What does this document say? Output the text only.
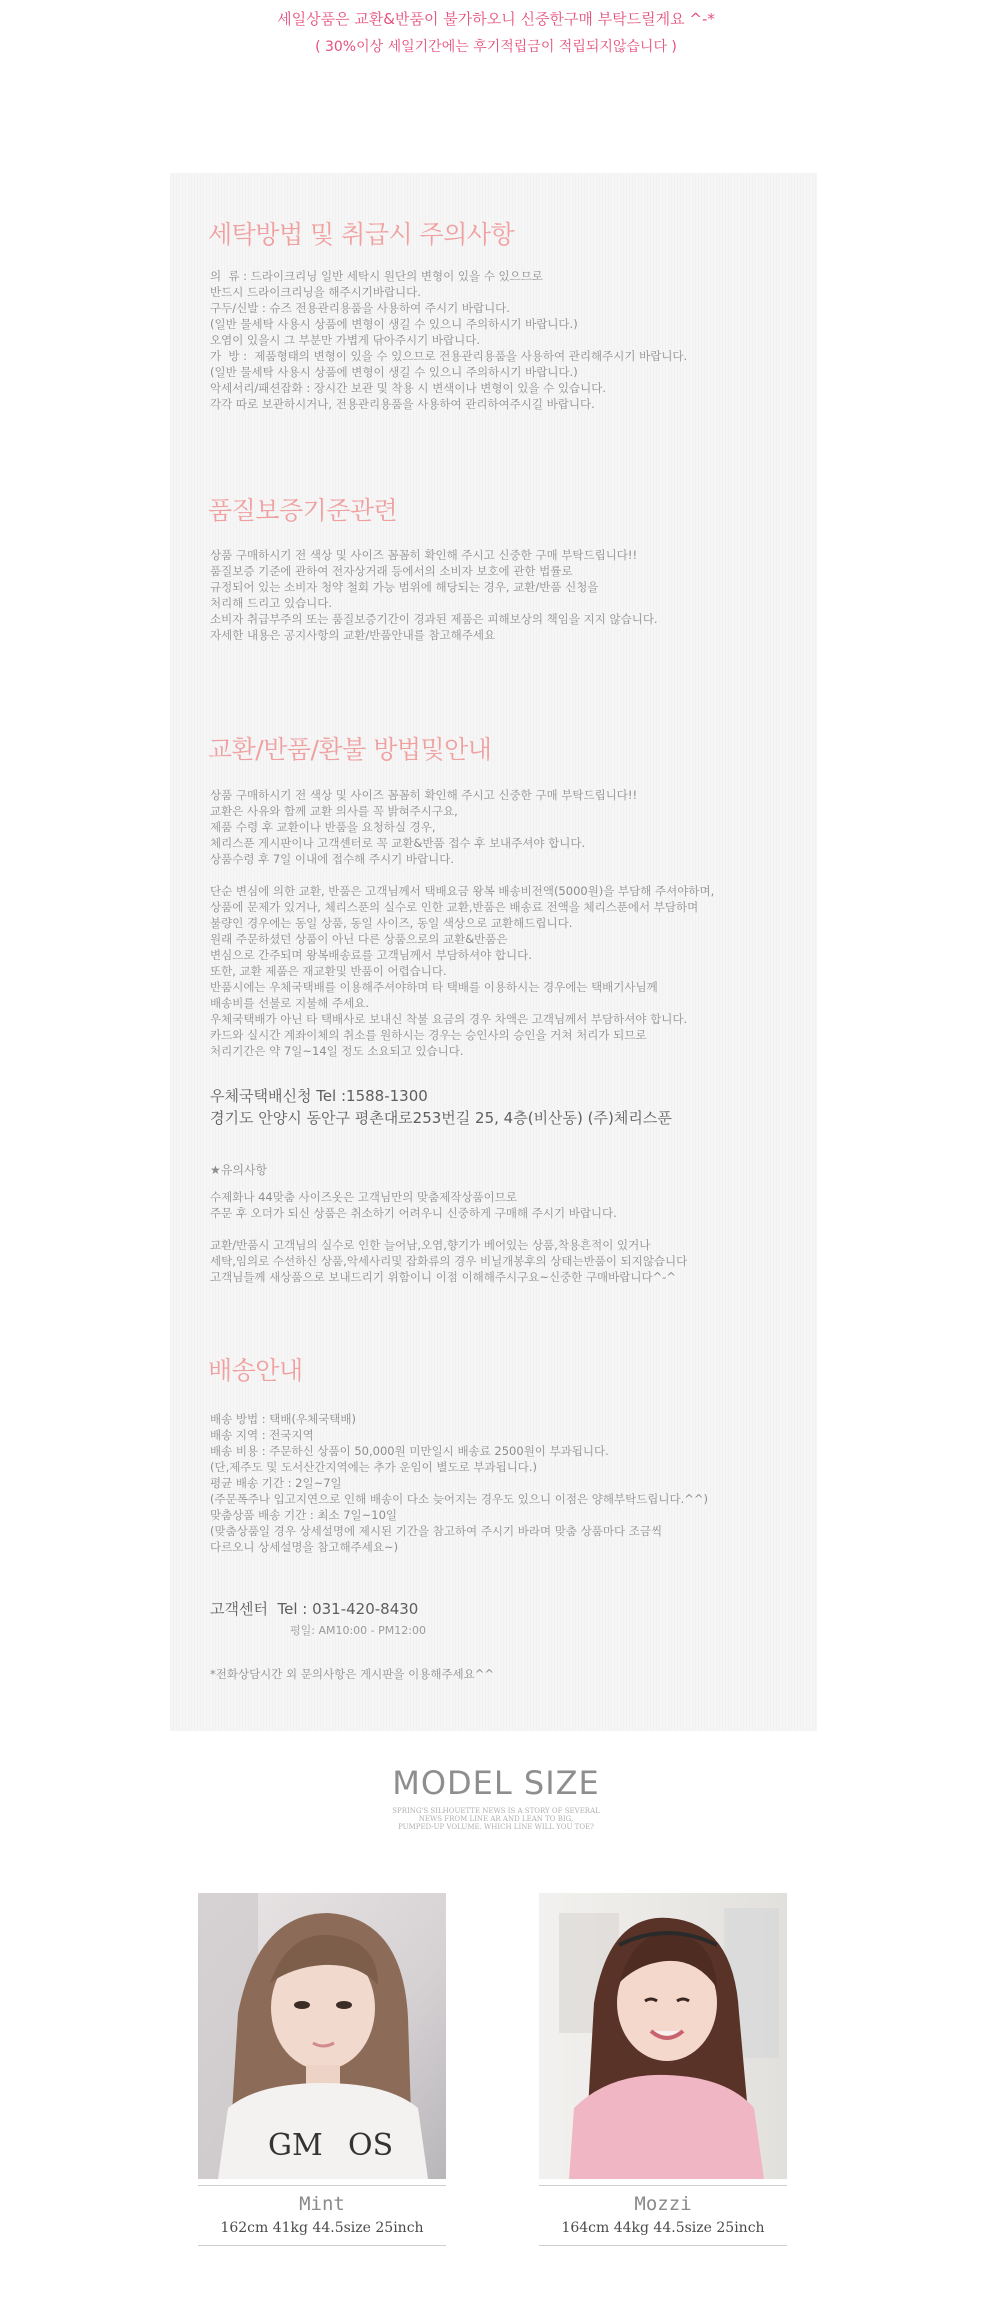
세일상품은 교환&반품이 불가하오니 신중한구매 부탁드릴게요 ^-*
( 30%이상 세일기간에는 후기적립금이 적립되지않습니다 )
세탁방법 및 취급시 주의사항
의  류 : 드라이크리닝 일반 세탁시 원단의 변형이 있을 수 있으므로
반드시 드라이크리닝을 해주시기바랍니다.
구두/신발 : 슈즈 전용관리용품을 사용하여 주시기 바랍니다.
(일반 물세탁 사용시 상품에 변형이 생길 수 있으니 주의하시기 바랍니다.)
오염이 있을시 그 부분만 가볍게 닦아주시기 바랍니다.
가  방 :  제품형태의 변형이 있을 수 있으므로 전용관리용품을 사용하여 관리해주시기 바랍니다.
(일반 물세탁 사용시 상품에 변형이 생길 수 있으니 주의하시기 바랍니다.)
악세서리/패션잡화 : 장시간 보관 및 착용 시 변색이나 변형이 있을 수 있습니다.
각각 따로 보관하시거나, 전용관리용품을 사용하여 관리하여주시길 바랍니다.
품질보증기준관련
상품 구매하시기 전 색상 및 사이즈 꼼꼼히 확인해 주시고 신중한 구매 부탁드립니다!!
품질보증 기준에 관하여 전자상거래 등에서의 소비자 보호에 관한 법률로
규정되어 있는 소비자 청약 철회 가능 범위에 해당되는 경우, 교환/반품 신청을
처리해 드리고 있습니다.
소비자 취급부주의 또는 품질보증기간이 경과된 제품은 피해보상의 책임을 지지 않습니다.
자세한 내용은 공지사항의 교환/반품안내를 참고해주세요
교환/반품/환불 방법및안내
상품 구매하시기 전 색상 및 사이즈 꼼꼼히 확인해 주시고 신중한 구매 부탁드립니다!!
교환은 사유와 함께 교환 의사를 꼭 밝혀주시구요,
제품 수령 후 교환이나 반품을 요청하실 경우,
체리스푼 게시판이나 고객센터로 꼭 교환&반품 접수 후 보내주셔야 합니다.
상품수령 후 7일 이내에 접수해 주시기 바랍니다.
단순 변심에 의한 교환, 반품은 고객님께서 택배요금 왕복 배송비전액(5000원)을 부담해 주셔야하며,
상품에 문제가 있거나, 체리스푼의 실수로 인한 교환,반품은 배송료 전액을 체리스푼에서 부담하며
불량인 경우에는 동일 상품, 동일 사이즈, 동일 색상으로 교환해드립니다.
원래 주문하셨던 상품이 아닌 다른 상품으로의 교환&반품은
변심으로 간주되며 왕복배송료를 고객님께서 부담하셔야 합니다.
또한, 교환 제품은 재교환및 반품이 어렵습니다.
반품시에는 우체국택배를 이용해주셔야하며 타 택배를 이용하시는 경우에는 택배기사님께
배송비를 선불로 지불해 주세요.
우체국택배가 아닌 타 택배사로 보내신 착불 요금의 경우 차액은 고객님께서 부담하셔야 합니다.
카드와 실시간 계좌이체의 취소를 원하시는 경우는 승인사의 승인을 거쳐 처리가 되므로
처리기간은 약 7일~14일 정도 소요되고 있습니다.
우체국택배신청 Tel :1588-1300
경기도 안양시 동안구 평촌대로253번길 25, 4층(비산동) (주)체리스푼
★유의사항
수제화나 44맞춤 사이즈옷은 고객님만의 맞춤제작상품이므로
주문 후 오더가 되신 상품은 취소하기 어려우니 신중하게 구매해 주시기 바랍니다.
교환/반품시 고객님의 실수로 인한 늘어남,오염,향기가 베어있는 상품,착용흔적이 있거나
세탁,임의로 수선하신 상품,악세사리및 잡화류의 경우 비닐개봉후의 상태는반품이 되지않습니다
고객님들께 새상품으로 보내드리기 위함이니 이점 이해해주시구요~신중한 구매바랍니다^-^
배송안내
배송 방법 : 택배(우체국택배)
배송 지역 : 전국지역
배송 비용 : 주문하신 상품이 50,000원 미만일시 배송료 2500원이 부과됩니다.
(단,제주도 및 도서산간지역에는 추가 운임이 별도로 부과됩니다.)
평균 배송 기간 : 2일~7일
(주문폭주나 입고지연으로 인해 배송이 다소 늦어지는 경우도 있으니 이점은 양해부탁드립니다.^^)
맞춤상품 배송 기간 : 최소 7일~10일
(맞춤상품일 경우 상세설명에 제시된 기간을 참고하여 주시기 바라며 맞춤 상품마다 조금씩
다르오니 상세설명을 참고해주세요~)
고객센터  Tel : 031-420-8430
평일: AM10:00 - PM12:00
*전화상담시간 외 문의사항은 게시판을 이용해주세요^^
MODEL SIZE
SPRING'S SILHOUETTE NEWS IS A STORY OF SEVERAL
NEWS FROM LINE AR AND LEAN TO BIG,
PUMPED-UP VOLUME. WHICH LINE WILL YOU TOE?
GM OS
Mint
162cm 41kg 44.5size 25inch
Mozzi
164cm 44kg 44.5size 25inch
